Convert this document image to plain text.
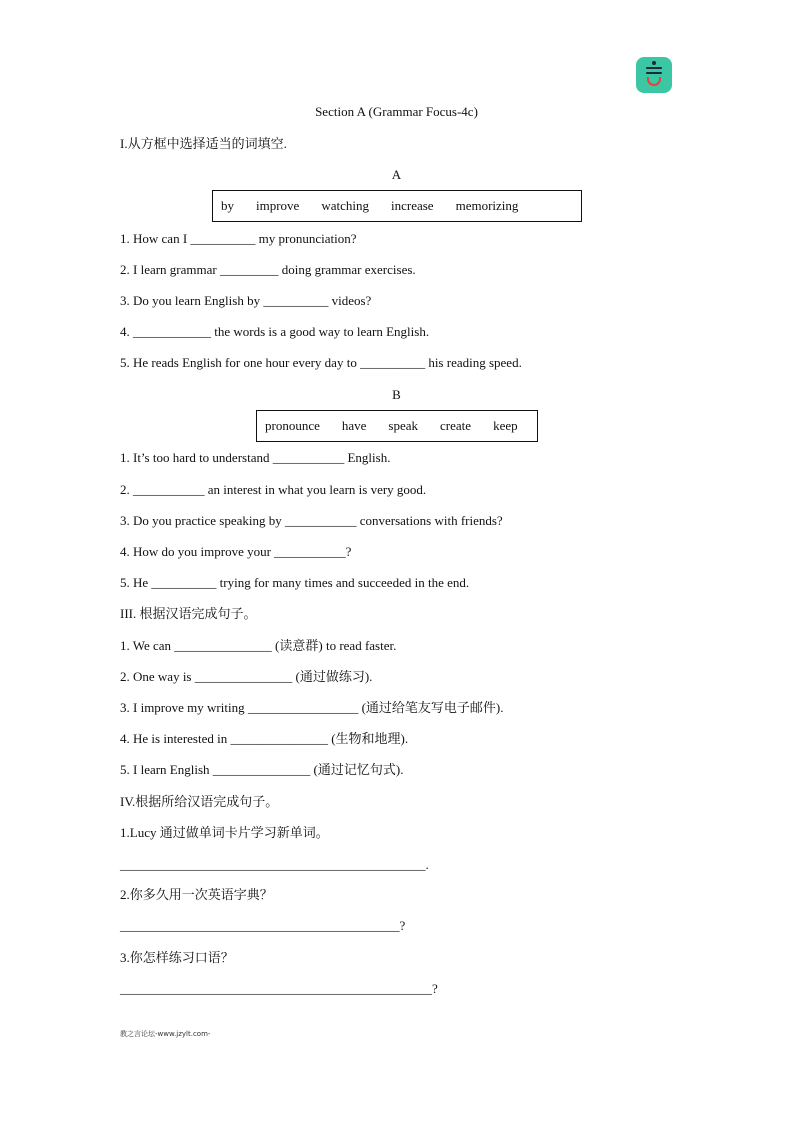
Section A (Grammar Focus-4c)
I.从方框中选择适当的词填空.
A
by improve watching increase memorizing
1. How can I __________ my pronunciation?
2. I learn grammar _________ doing grammar exercises.
3. Do you learn English by __________ videos?
4. ____________ the words is a good way to learn English.
5. He reads English for one hour every day to __________ his reading speed.
B
pronounce have speak create keep
1. It’s too hard to understand ___________ English.
2. ___________ an interest in what you learn is very good.
3. Do you practice speaking by ___________ conversations with friends?
4. How do you improve your ___________?
5. He __________ trying for many times and succeeded in the end.
III. 根据汉语完成句子。
1. We can _______________ (读意群) to read faster.
2. One way is _______________ (通过做练习).
3. I improve my writing _________________ (通过给笔友写电子邮件).
4. He is interested in _______________ (生物和地理).
5. I learn English _______________ (通过记忆句式).
IV.根据所给汉语完成句子。
1.Lucy 通过做单词卡片学习新单词。
_______________________________________________.
2.你多久用一次英语字典？
___________________________________________?
3.你怎样练习口语？
________________________________________________?
教之言论坛-www.jzylt.com-
